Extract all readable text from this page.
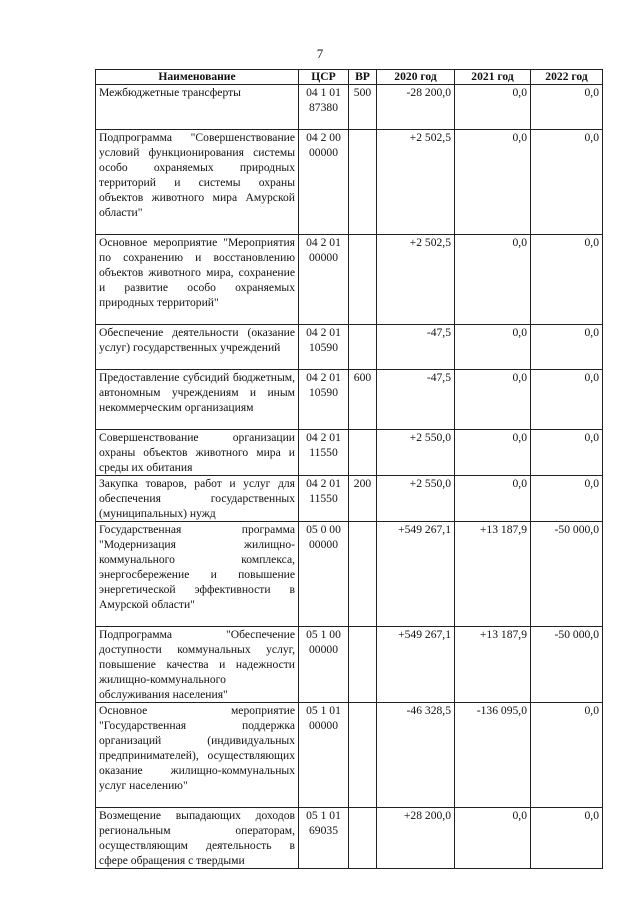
7
Наименование	ЦСР	ВР	2020 год	2021 год	2022 год
Межбюджетные трансферты	04 1 01 87380	500	-28 200,0	0,0	0,0
Подпрограмма "Совершенствование условий функционирования системы особо охраняемых природных территорий и системы охраны объектов животного мира Амурской области"	04 2 00 00000		+2 502,5	0,0	0,0
Основное мероприятие "Мероприятия по сохранению и восстановлению объектов животного мира, сохранение и развитие особо охраняемых природных территорий"	04 2 01 00000		+2 502,5	0,0	0,0
Обеспечение деятельности (оказание услуг) государственных учреждений	04 2 01 10590		-47,5	0,0	0,0
Предоставление субсидий бюджетным, автономным учреждениям и иным некоммерческим организациям	04 2 01 10590	600	-47,5	0,0	0,0
Совершенствование организации охраны объектов животного мира и среды их обитания	04 2 01 11550		+2 550,0	0,0	0,0
Закупка товаров, работ и услуг для обеспечения государственных (муниципальных) нужд	04 2 01 11550	200	+2 550,0	0,0	0,0
Государственная программа "Модернизация жилищно-коммунального комплекса, энергосбережение и повышение энергетической эффективности в Амурской области"	05 0 00 00000		+549 267,1	+13 187,9	-50 000,0
Подпрограмма "Обеспечение доступности коммунальных услуг, повышение качества и надежности жилищно-коммунального обслуживания населения"	05 1 00 00000		+549 267,1	+13 187,9	-50 000,0
Основное мероприятие "Государственная поддержка организаций (индивидуальных предпринимателей), осуществляющих оказание жилищно-коммунальных услуг населению"	05 1 01 00000		-46 328,5	-136 095,0	0,0
Возмещение выпадающих доходов региональным операторам, осуществляющим деятельность в сфере обращения с твердыми	05 1 01 69035		+28 200,0	0,0	0,0
